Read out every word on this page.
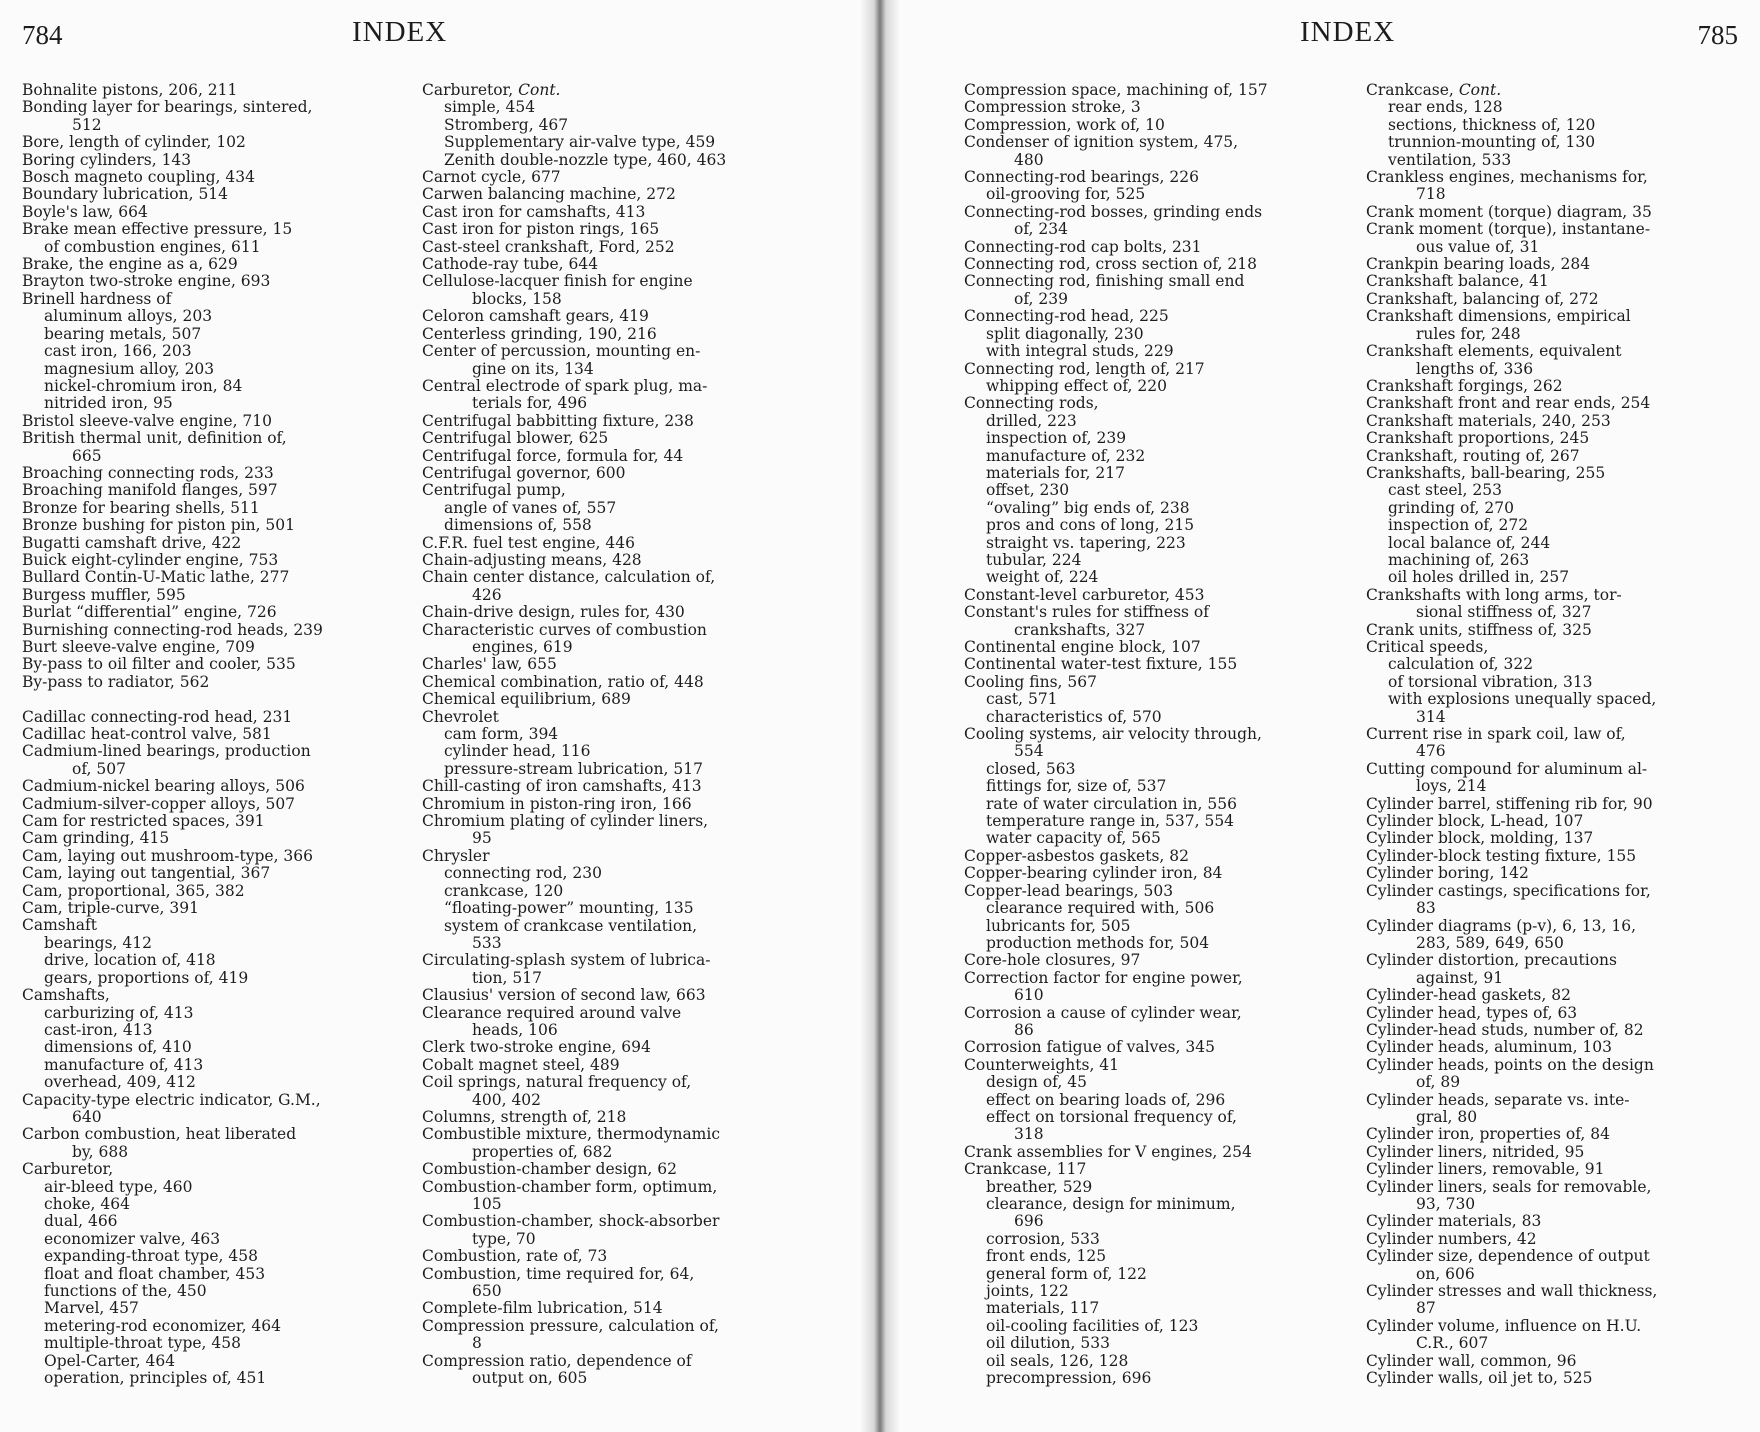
784	INDEX
Bohnalite pistons, 206, 211
Bonding layer for bearings, sintered,
512
Bore, length of cylinder, 102
Boring cylinders, 143
Bosch magneto coupling, 434
Boundary lubrication, 514
Boyle's law, 664
Brake mean effective pressure, 15
of combustion engines, 611
Brake, the engine as a, 629
Brayton two-stroke engine, 693
Brinell hardness of
aluminum alloys, 203
bearing metals, 507
cast iron, 166, 203
magnesium alloy, 203
nickel-chromium iron, 84
nitrided iron, 95
Bristol sleeve-valve engine, 710
British thermal unit, definition of,
665
Broaching connecting rods, 233
Broaching manifold flanges, 597
Bronze for bearing shells, 511
Bronze bushing for piston pin, 501
Bugatti camshaft drive, 422
Buick eight-cylinder engine, 753
Bullard Contin-U-Matic lathe, 277
Burgess muffler, 595
Burlat “differential” engine, 726
Burnishing connecting-rod heads, 239
Burt sleeve-valve engine, 709
By-pass to oil filter and cooler, 535
By-pass to radiator, 562
Cadillac connecting-rod head, 231
Cadillac heat-control valve, 581
Cadmium-lined bearings, production
of, 507
Cadmium-nickel bearing alloys, 506
Cadmium-silver-copper alloys, 507
Cam for restricted spaces, 391
Cam grinding, 415
Cam, laying out mushroom-type, 366
Cam, laying out tangential, 367
Cam, proportional, 365, 382
Cam, triple-curve, 391
Camshaft
bearings, 412
drive, location of, 418
gears, proportions of, 419
Camshafts,
carburizing of, 413
cast-iron, 413
dimensions of, 410
manufacture of, 413
overhead, 409, 412
Capacity-type electric indicator, G.M.,
640
Carbon combustion, heat liberated
by, 688
Carburetor,
air-bleed type, 460
choke, 464
dual, 466
economizer valve, 463
expanding-throat type, 458
float and float chamber, 453
functions of the, 450
Marvel, 457
metering-rod economizer, 464
multiple-throat type, 458
Opel-Carter, 464
operation, principles of, 451
Carburetor, Cont.
simple, 454
Stromberg, 467
Supplementary air-valve type, 459
Zenith double-nozzle type, 460, 463
Carnot cycle, 677
Carwen balancing machine, 272
Cast iron for camshafts, 413
Cast iron for piston rings, 165
Cast-steel crankshaft, Ford, 252
Cathode-ray tube, 644
Cellulose-lacquer finish for engine
blocks, 158
Celoron camshaft gears, 419
Centerless grinding, 190, 216
Center of percussion, mounting en-
gine on its, 134
Central electrode of spark plug, ma-
terials for, 496
Centrifugal babbitting fixture, 238
Centrifugal blower, 625
Centrifugal force, formula for, 44
Centrifugal governor, 600
Centrifugal pump,
angle of vanes of, 557
dimensions of, 558
C.F.R. fuel test engine, 446
Chain-adjusting means, 428
Chain center distance, calculation of,
426
Chain-drive design, rules for, 430
Characteristic curves of combustion
engines, 619
Charles' law, 655
Chemical combination, ratio of, 448
Chemical equilibrium, 689
Chevrolet
cam form, 394
cylinder head, 116
pressure-stream lubrication, 517
Chill-casting of iron camshafts, 413
Chromium in piston-ring iron, 166
Chromium plating of cylinder liners,
95
Chrysler
connecting rod, 230
crankcase, 120
“floating-power” mounting, 135
system of crankcase ventilation,
533
Circulating-splash system of lubrica-
tion, 517
Clausius' version of second law, 663
Clearance required around valve
heads, 106
Clerk two-stroke engine, 694
Cobalt magnet steel, 489
Coil springs, natural frequency of,
400, 402
Columns, strength of, 218
Combustible mixture, thermodynamic
properties of, 682
Combustion-chamber design, 62
Combustion-chamber form, optimum,
105
Combustion-chamber, shock-absorber
type, 70
Combustion, rate of, 73
Combustion, time required for, 64,
650
Complete-film lubrication, 514
Compression pressure, calculation of,
8
Compression ratio, dependence of
output on, 605
INDEX	785
Compression space, machining of, 157
Compression stroke, 3
Compression, work of, 10
Condenser of ignition system, 475,
480
Connecting-rod bearings, 226
oil-grooving for, 525
Connecting-rod bosses, grinding ends
of, 234
Connecting-rod cap bolts, 231
Connecting rod, cross section of, 218
Connecting rod, finishing small end
of, 239
Connecting-rod head, 225
split diagonally, 230
with integral studs, 229
Connecting rod, length of, 217
whipping effect of, 220
Connecting rods,
drilled, 223
inspection of, 239
manufacture of, 232
materials for, 217
offset, 230
“ovaling” big ends of, 238
pros and cons of long, 215
straight vs. tapering, 223
tubular, 224
weight of, 224
Constant-level carburetor, 453
Constant's rules for stiffness of
crankshafts, 327
Continental engine block, 107
Continental water-test fixture, 155
Cooling fins, 567
cast, 571
characteristics of, 570
Cooling systems, air velocity through,
554
closed, 563
fittings for, size of, 537
rate of water circulation in, 556
temperature range in, 537, 554
water capacity of, 565
Copper-asbestos gaskets, 82
Copper-bearing cylinder iron, 84
Copper-lead bearings, 503
clearance required with, 506
lubricants for, 505
production methods for, 504
Core-hole closures, 97
Correction factor for engine power,
610
Corrosion a cause of cylinder wear,
86
Corrosion fatigue of valves, 345
Counterweights, 41
design of, 45
effect on bearing loads of, 296
effect on torsional frequency of,
318
Crank assemblies for V engines, 254
Crankcase, 117
breather, 529
clearance, design for minimum,
696
corrosion, 533
front ends, 125
general form of, 122
joints, 122
materials, 117
oil-cooling facilities of, 123
oil dilution, 533
oil seals, 126, 128
precompression, 696
Crankcase, Cont.
rear ends, 128
sections, thickness of, 120
trunnion-mounting of, 130
ventilation, 533
Crankless engines, mechanisms for,
718
Crank moment (torque) diagram, 35
Crank moment (torque), instantane-
ous value of, 31
Crankpin bearing loads, 284
Crankshaft balance, 41
Crankshaft, balancing of, 272
Crankshaft dimensions, empirical
rules for, 248
Crankshaft elements, equivalent
lengths of, 336
Crankshaft forgings, 262
Crankshaft front and rear ends, 254
Crankshaft materials, 240, 253
Crankshaft proportions, 245
Crankshaft, routing of, 267
Crankshafts, ball-bearing, 255
cast steel, 253
grinding of, 270
inspection of, 272
local balance of, 244
machining of, 263
oil holes drilled in, 257
Crankshafts with long arms, tor-
sional stiffness of, 327
Crank units, stiffness of, 325
Critical speeds,
calculation of, 322
of torsional vibration, 313
with explosions unequally spaced,
314
Current rise in spark coil, law of,
476
Cutting compound for aluminum al-
loys, 214
Cylinder barrel, stiffening rib for, 90
Cylinder block, L-head, 107
Cylinder block, molding, 137
Cylinder-block testing fixture, 155
Cylinder boring, 142
Cylinder castings, specifications for,
83
Cylinder diagrams (p-v), 6, 13, 16,
283, 589, 649, 650
Cylinder distortion, precautions
against, 91
Cylinder-head gaskets, 82
Cylinder head, types of, 63
Cylinder-head studs, number of, 82
Cylinder heads, aluminum, 103
Cylinder heads, points on the design
of, 89
Cylinder heads, separate vs. inte-
gral, 80
Cylinder iron, properties of, 84
Cylinder liners, nitrided, 95
Cylinder liners, removable, 91
Cylinder liners, seals for removable,
93, 730
Cylinder materials, 83
Cylinder numbers, 42
Cylinder size, dependence of output
on, 606
Cylinder stresses and wall thickness,
87
Cylinder volume, influence on H.U.
C.R., 607
Cylinder wall, common, 96
Cylinder walls, oil jet to, 525
